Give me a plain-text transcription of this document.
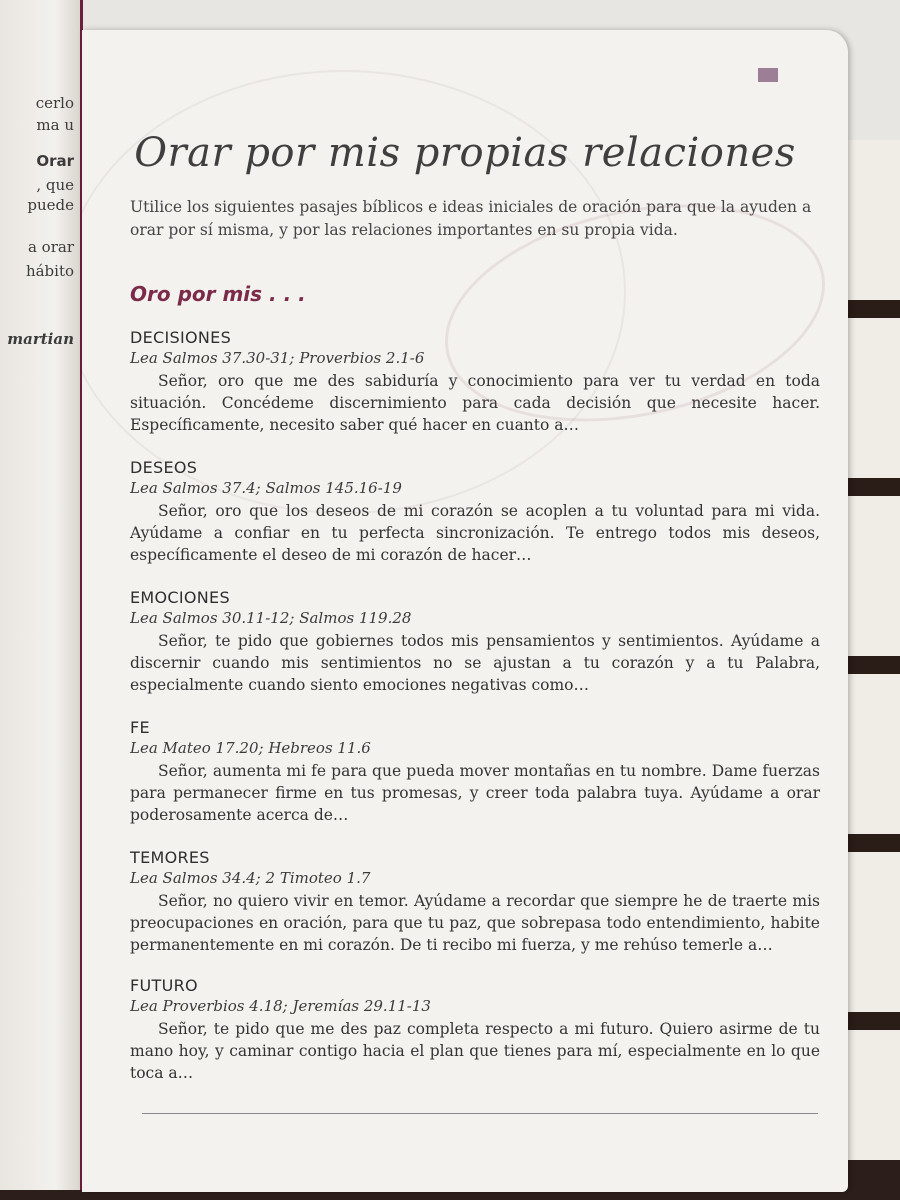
cerlo
ma u
Orar
, que
puede
a orar
hábito
martian
Orar por mis propias relaciones
Utilice los siguientes pasajes bíblicos e ideas iniciales de oración para que la ayuden a orar por sí misma, y por las relaciones importantes en su propia vida.
Oro por mis . . .
DECISIONES
Lea Salmos 37.30-31; Proverbios 2.1-6

Señor, oro que me des sabiduría y conocimiento para ver tu verdad en toda situación. Concédeme discernimiento para cada decisión que necesite hacer. Específicamente, necesito saber qué hacer en cuanto a…

DESEOS
Lea Salmos 37.4; Salmos 145.16-19

Señor, oro que los deseos de mi corazón se acoplen a tu voluntad para mi vida. Ayúdame a confiar en tu perfecta sincronización. Te entrego todos mis deseos, específicamente el deseo de mi corazón de hacer…

EMOCIONES
Lea Salmos 30.11-12; Salmos 119.28

Señor, te pido que gobiernes todos mis pensamientos y sentimientos. Ayúdame a discernir cuando mis sentimientos no se ajustan a tu corazón y a tu Palabra, especialmente cuando siento emociones negativas como…

FE
Lea Mateo 17.20; Hebreos 11.6

Señor, aumenta mi fe para que pueda mover montañas en tu nombre. Dame fuerzas para permanecer firme en tus promesas, y creer toda palabra tuya. Ayúdame a orar poderosamente acerca de…

TEMORES
Lea Salmos 34.4; 2 Timoteo 1.7

Señor, no quiero vivir en temor. Ayúdame a recordar que siempre he de traerte mis preocupaciones en oración, para que tu paz, que sobrepasa todo entendimiento, habite permanentemente en mi corazón. De ti recibo mi fuerza, y me rehúso temerle a…

FUTURO
Lea Proverbios 4.18; Jeremías 29.11-13

Señor, te pido que me des paz completa respecto a mi futuro. Quiero asirme de tu mano hoy, y caminar contigo hacia el plan que tienes para mí, especialmente en lo que toca a…
